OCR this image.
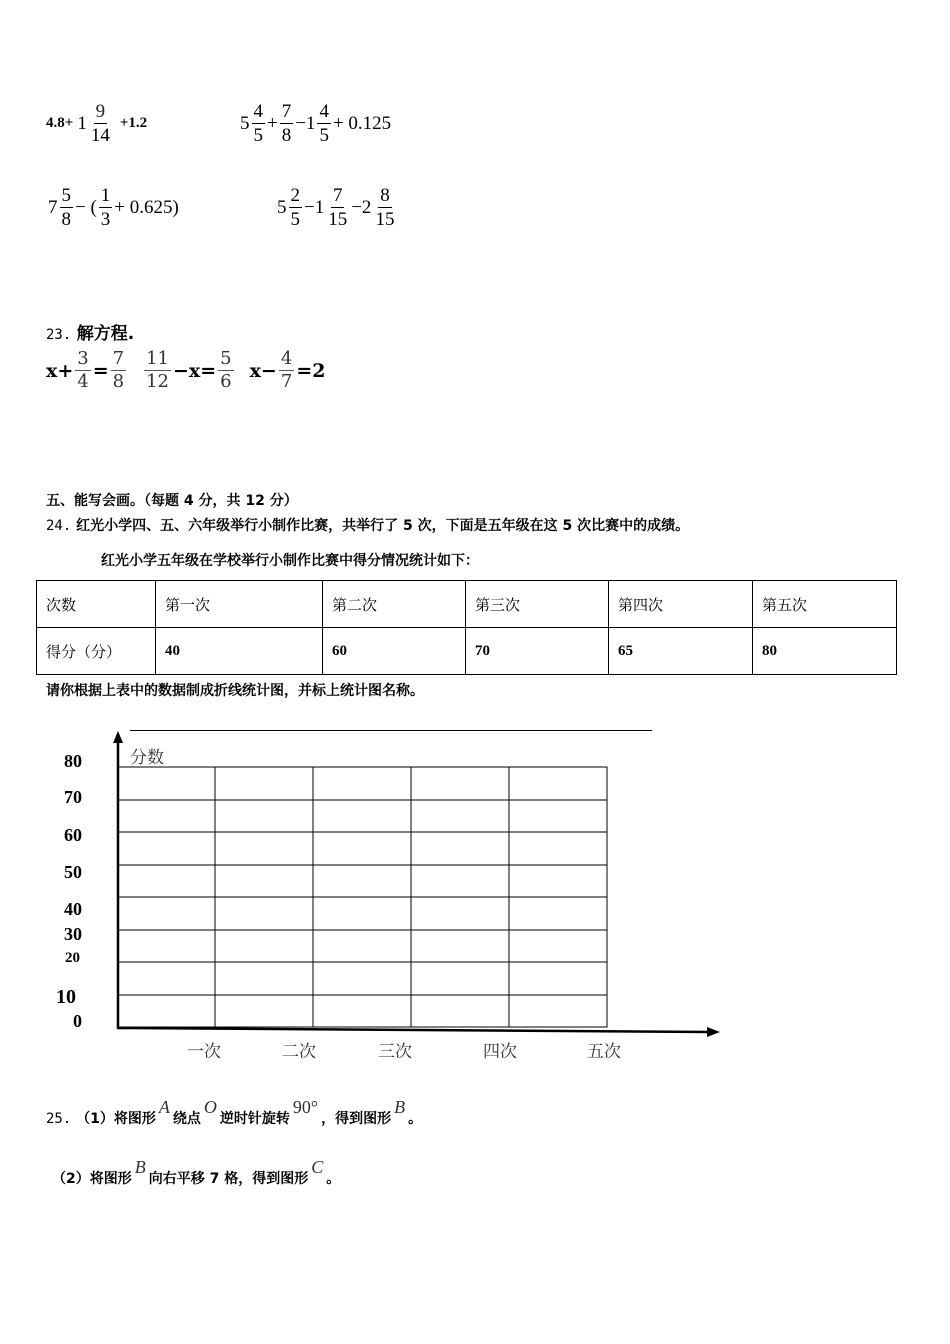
$4.8+ 1 \frac{9}{14} +1.2$	$5 \frac{4}{5} + \frac{7}{8} -1 \frac{4}{5} + 0.125$
$7 \frac{5}{8}$ − ( $\frac{1}{3} + 0.625$)	$5 \frac{2}{5} -1 \frac{7}{15} -2 \frac{8}{15}$
23. 解方程.
$x+ \frac{3}{4} = \frac{7}{8} \frac{11}{12} -x= \frac{5}{6} x- \frac{4}{7} =2$
五、能写会画。（每题 4 分，共 12 分）
24. 红光小学四、五、六年级举行小制作比赛，共举行了 5 次，下面是五年级在这 5 次比赛中的成绩。
红光小学五年级在学校举行小制作比赛中得分情况统计如下：
次数	第一次	第二次	第三次	第四次	第五次
得分（分）	40	60	70	65	80
请你根据上表中的数据制成折线统计图，并标上统计图名称。
分数
80
70
60
50
40
30
20
10
0
一次	二次	三次	四次	五次
25. （1）将图形A绕点O逆时针旋转90°，得到图形B。
（2）将图形B向右平移 7 格，得到图形C。
